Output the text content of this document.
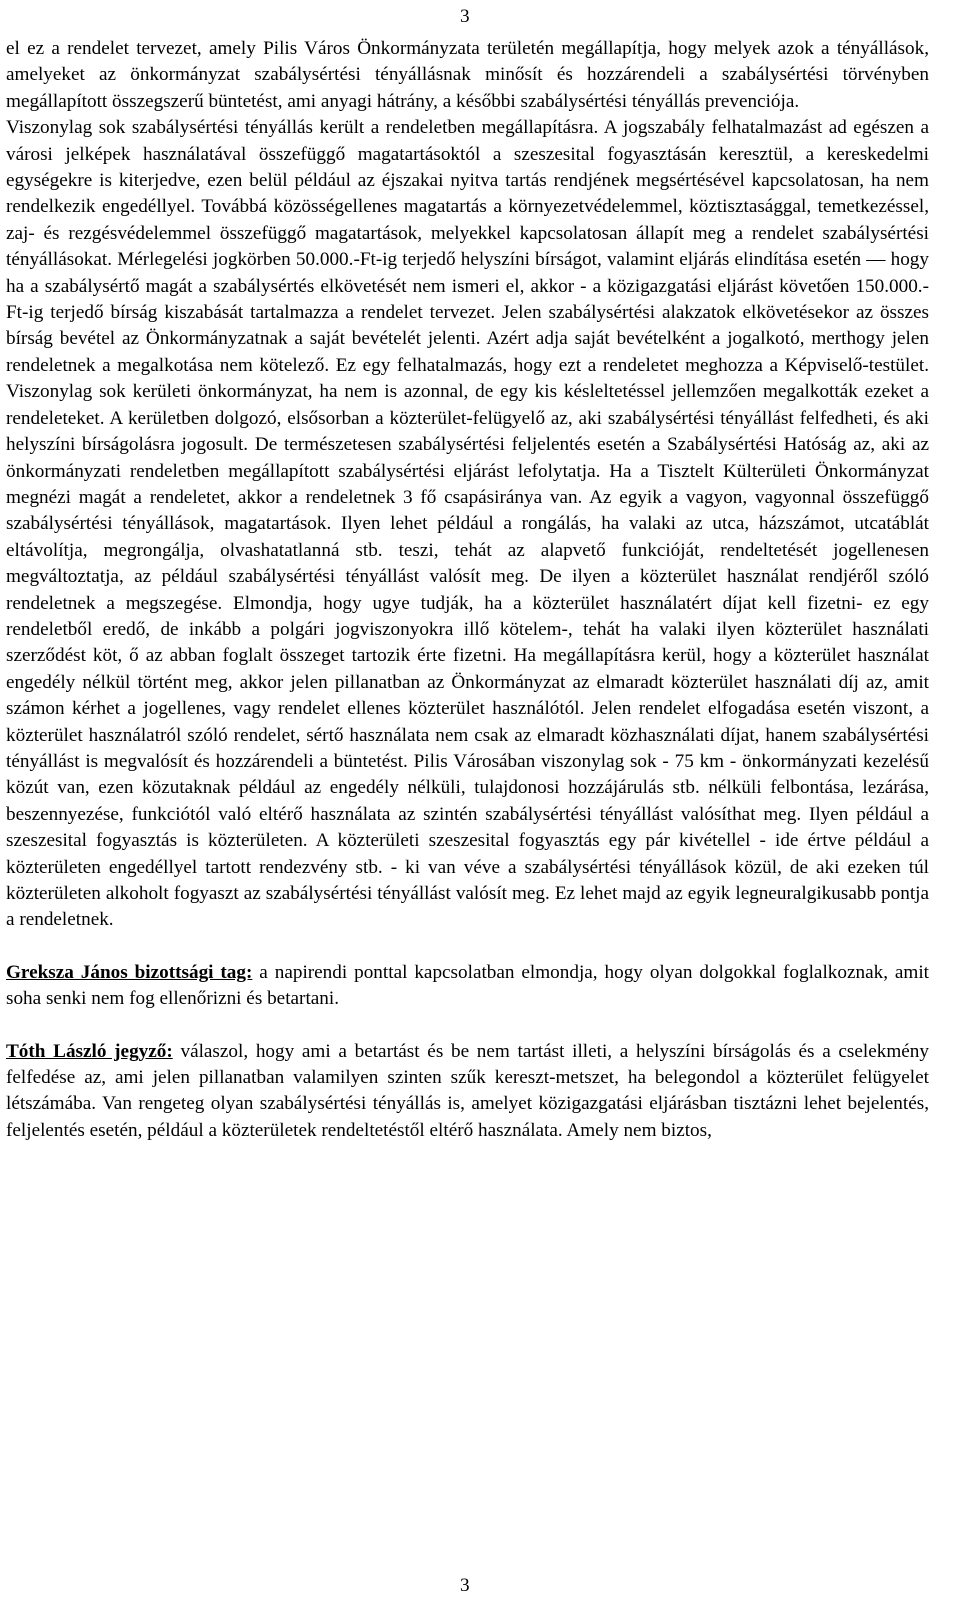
3

el ez a rendelet tervezet, amely Pilis Város Önkormányzata területén megállapítja, hogy melyek azok a tényállások, amelyeket az önkormányzat szabálysértési tényállásnak minősít és hozzárendeli a szabálysértési törvényben megállapított összegszerű büntetést, ami anyagi hátrány, a későbbi szabálysértési tényállás prevenciója.

Viszonylag sok szabálysértési tényállás került a rendeletben megállapításra. A jogszabály felhatalmazást ad egészen a városi jelképek használatával összefüggő magatartásoktól a szeszesital fogyasztásán keresztül, a kereskedelmi egységekre is kiterjedve, ezen belül például az éjszakai nyitva tartás rendjének megsértésével kapcsolatosan, ha nem rendelkezik engedéllyel. Továbbá közösségellenes magatartás a környezetvédelemmel, köztisztasággal, temetkezéssel, zaj- és rezgésvédelemmel összefüggő magatartások, melyekkel kapcsolatosan állapít meg a rendelet szabálysértési tényállásokat. Mérlegelési jogkörben 50.000.-Ft-ig terjedő helyszíni bírságot, valamint eljárás elindítása esetén — hogy ha a szabálysértő magát a szabálysértés elkövetését nem ismeri el, akkor - a közigazgatási eljárást követően 150.000.-Ft-ig terjedő bírság kiszabását tartalmazza a rendelet tervezet. Jelen szabálysértési alakzatok elkövetésekor az összes bírság bevétel az Önkormányzatnak a saját bevételét jelenti. Azért adja saját bevételként a jogalkotó, merthogy jelen rendeletnek a megalkotása nem kötelező. Ez egy felhatalmazás, hogy ezt a rendeletet meghozza a Képviselő-testület. Viszonylag sok kerületi önkormányzat, ha nem is azonnal, de egy kis késleltetéssel jellemzően megalkották ezeket a rendeleteket. A kerületben dolgozó, elsősorban a közterület-felügyelő az, aki szabálysértési tényállást felfedheti, és aki helyszíni bírságolásra jogosult. De természetesen szabálysértési feljelentés esetén a Szabálysértési Hatóság az, aki az önkormányzati rendeletben megállapított szabálysértési eljárást lefolytatja. Ha a Tisztelt Külterületi Önkormányzat megnézi magát a rendeletet, akkor a rendeletnek 3 fő csapásiránya van. Az egyik a vagyon, vagyonnal összefüggő szabálysértési tényállások, magatartások. Ilyen lehet például a rongálás, ha valaki az utca, házszámot, utcatáblát eltávolítja, megrongálja, olvashatatlanná stb. teszi, tehát az alapvető funkcióját, rendeltetését jogellenesen megváltoztatja, az például szabálysértési tényállást valósít meg. De ilyen a közterület használat rendjéről szóló rendeletnek a megszegése. Elmondja, hogy ugye tudják, ha a közterület használatért díjat kell fizetni- ez egy rendeletből eredő, de inkább a polgári jogviszonyokra illő kötelem-, tehát ha valaki ilyen közterület használati szerződést köt, ő az abban foglalt összeget tartozik érte fizetni. Ha megállapításra kerül, hogy a közterület használat engedély nélkül történt meg, akkor jelen pillanatban az Önkormányzat az elmaradt közterület használati díj az, amit számon kérhet a jogellenes, vagy rendelet ellenes közterület használótól. Jelen rendelet elfogadása esetén viszont, a közterület használatról szóló rendelet, sértő használata nem csak az elmaradt közhasználati díjat, hanem szabálysértési tényállást is megvalósít és hozzárendeli a büntetést. Pilis Városában viszonylag sok - 75 km - önkormányzati kezelésű közút van, ezen közutaknak például az engedély nélküli, tulajdonosi hozzájárulás stb. nélküli felbontása, lezárása, beszennyezése, funkciótól való eltérő használata az szintén szabálysértési tényállást valósíthat meg. Ilyen például a szeszesital fogyasztás is közterületen. A közterületi szeszesital fogyasztás egy pár kivétellel - ide értve például a közterületen engedéllyel tartott rendezvény stb. - ki van véve a szabálysértési tényállások közül, de aki ezeken túl közterületen alkoholt fogyaszt az szabálysértési tényállást valósít meg. Ez lehet majd az egyik legneuralgikusabb pontja a rendeletnek.

Greksza János bizottsági tag: a napirendi ponttal kapcsolatban elmondja, hogy olyan dolgokkal foglalkoznak, amit soha senki nem fog ellenőrizni és betartani.

Tóth László jegyző: válaszol, hogy ami a betartást és be nem tartást illeti, a helyszíni bírságolás és a cselekmény felfedése az, ami jelen pillanatban valamilyen szinten szűk kereszt-metszet, ha belegondol a közterület felügyelet létszámába. Van rengeteg olyan szabálysértési tényállás is, amelyet közigazgatási eljárásban tisztázni lehet bejelentés, feljelentés esetén, például a közterületek rendeltetéstől eltérő használata. Amely nem biztos,

3
